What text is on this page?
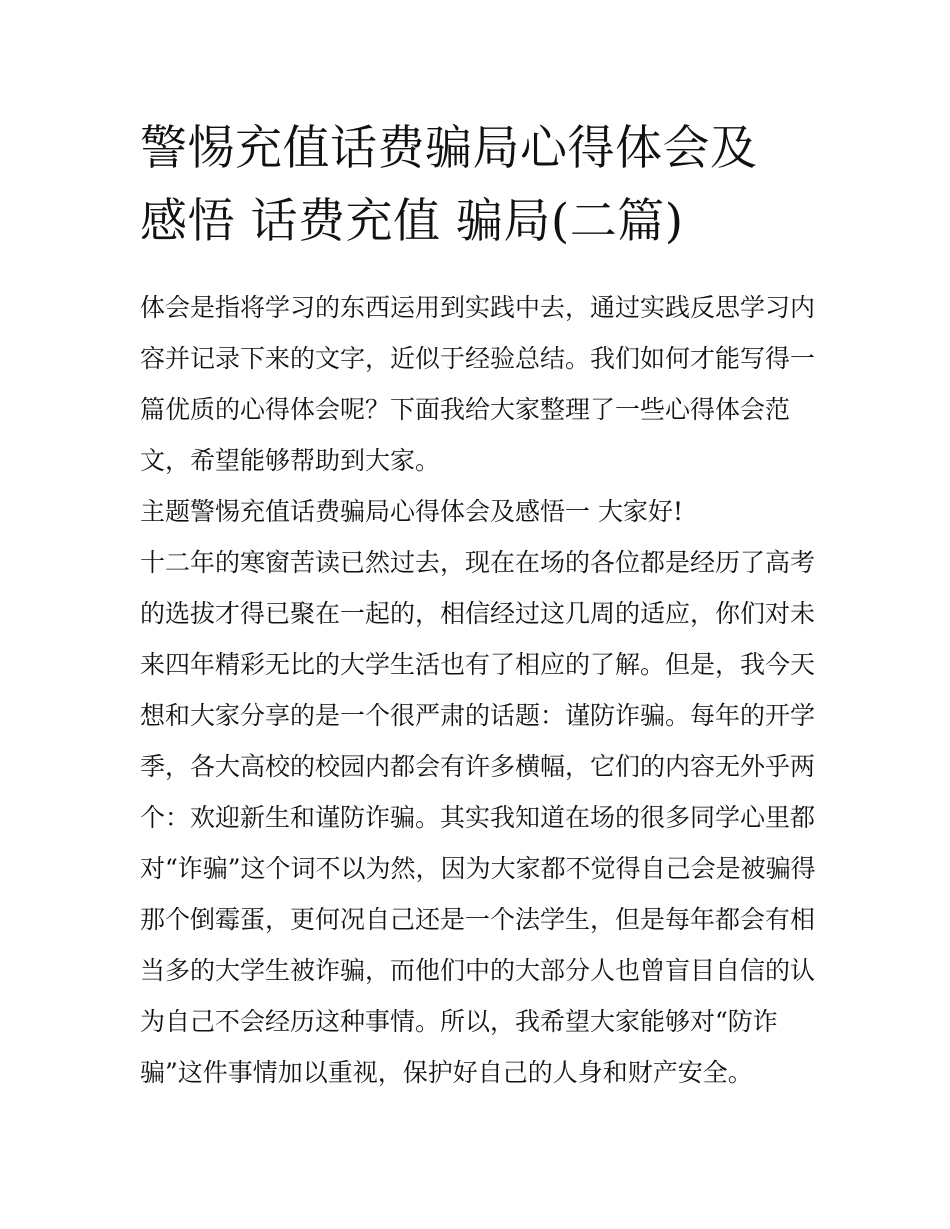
警惕充值话费骗局心得体会及
感悟 话费充值 骗局(二篇)

体会是指将学习的东西运用到实践中去，通过实践反思学习内
容并记录下来的文字，近似于经验总结。我们如何才能写得一
篇优质的心得体会呢？下面我给大家整理了一些心得体会范
文，希望能够帮助到大家。

主题警惕充值话费骗局心得体会及感悟一 大家好!

十二年的寒窗苦读已然过去，现在在场的各位都是经历了高考
的选拔才得已聚在一起的，相信经过这几周的适应，你们对未
来四年精彩无比的大学生活也有了相应的了解。但是，我今天
想和大家分享的是一个很严肃的话题：谨防诈骗。每年的开学
季，各大高校的校园内都会有许多横幅，它们的内容无外乎两
个：欢迎新生和谨防诈骗。其实我知道在场的很多同学心里都
对“诈骗”这个词不以为然，因为大家都不觉得自己会是被骗得
那个倒霉蛋，更何况自己还是一个法学生，但是每年都会有相
当多的大学生被诈骗，而他们中的大部分人也曾盲目自信的认
为自己不会经历这种事情。所以，我希望大家能够对“防诈
骗”这件事情加以重视，保护好自己的人身和财产安全。
